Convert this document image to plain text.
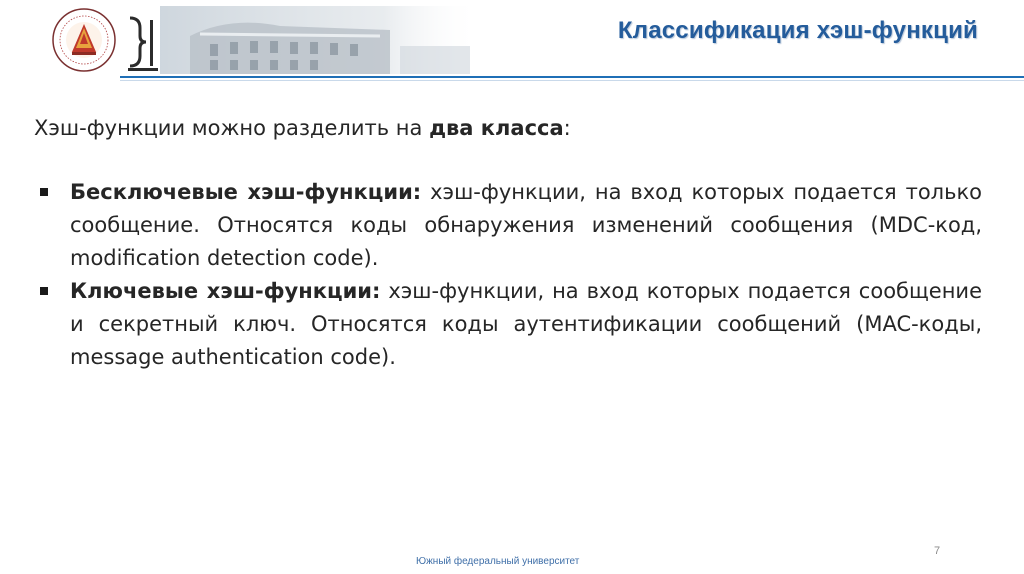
Классификация хэш-функций

Хэш-функции можно разделить на два класса:

Бесключевые хэш-функции: хэш-функции, на вход которых подается только сообщение. Относятся коды обнаружения изменений сообщения (MDC-код, modification detection code).
Ключевые хэш-функции: хэш-функции, на вход которых подается сообщение и секретный ключ. Относятся коды аутентификации сообщений (MAC-коды, message authentication code).
7
Южный федеральный университет
